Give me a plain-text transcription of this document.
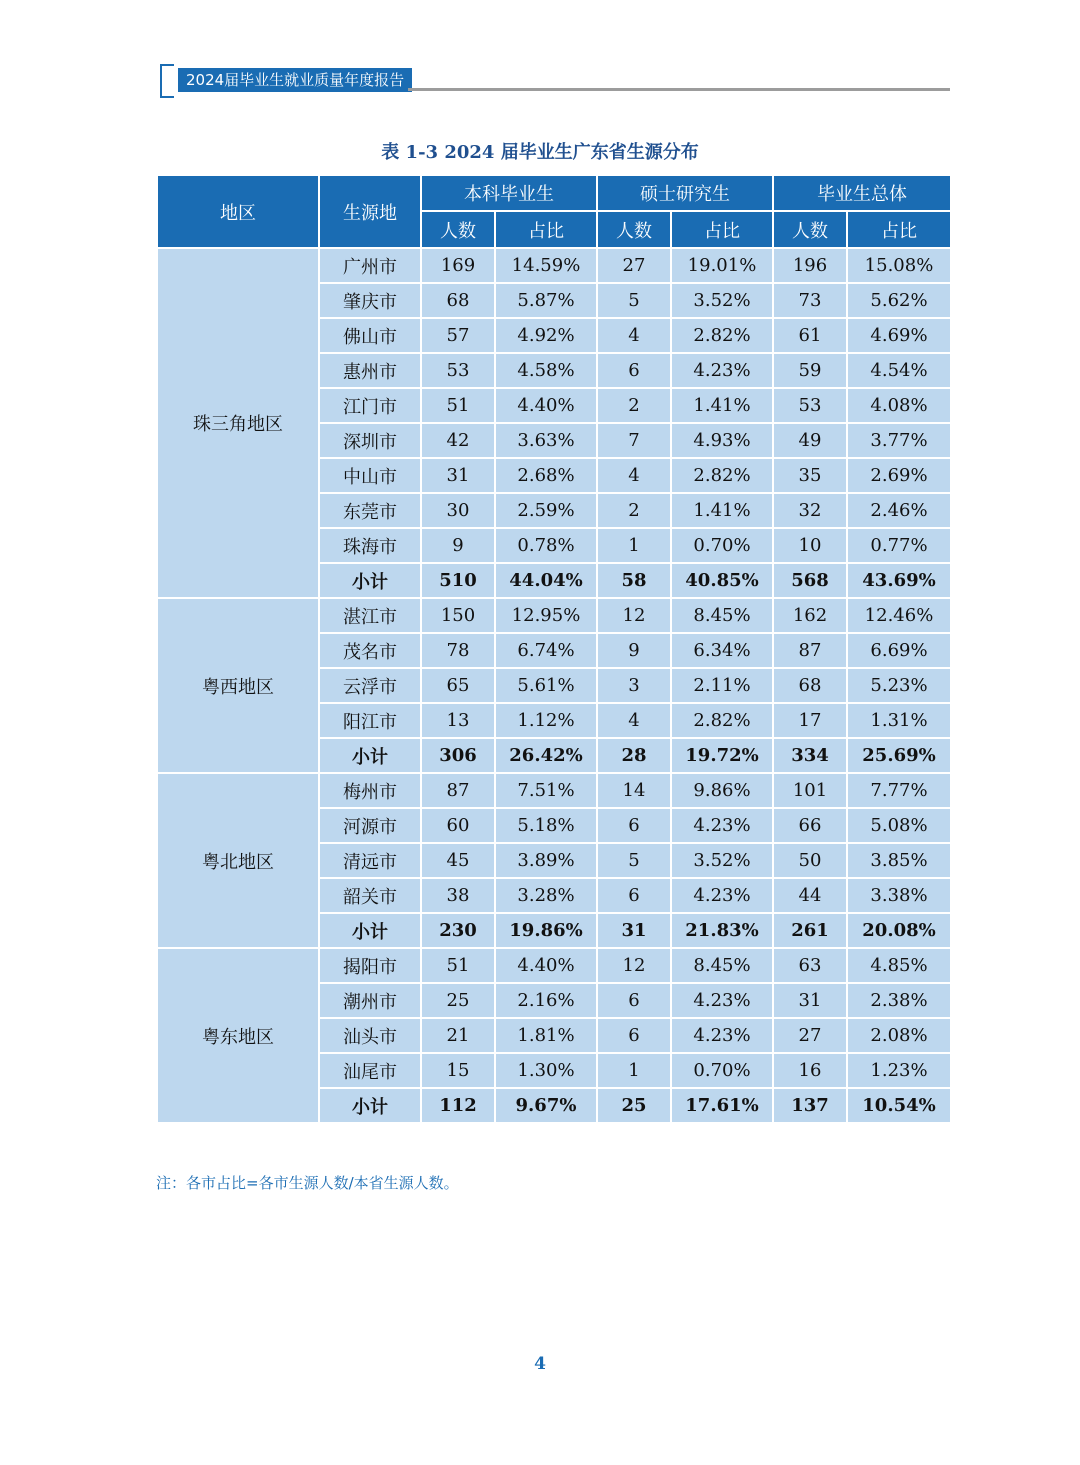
2024届毕业生就业质量年度报告
表 1-3 2024 届毕业生广东省生源分布
地区	生源地	本科毕业生		硕士研究生		毕业生总体	
		人数	占比	人数	占比	人数	占比
珠三角地区	广州市	169	14.59%	27	19.01%	196	15.08%
	肇庆市	68	5.87%	5	3.52%	73	5.62%
	佛山市	57	4.92%	4	2.82%	61	4.69%
	惠州市	53	4.58%	6	4.23%	59	4.54%
	江门市	51	4.40%	2	1.41%	53	4.08%
	深圳市	42	3.63%	7	4.93%	49	3.77%
	中山市	31	2.68%	4	2.82%	35	2.69%
	东莞市	30	2.59%	2	1.41%	32	2.46%
	珠海市	9	0.78%	1	0.70%	10	0.77%
	小计	510	44.04%	58	40.85%	568	43.69%
粤西地区	湛江市	150	12.95%	12	8.45%	162	12.46%
	茂名市	78	6.74%	9	6.34%	87	6.69%
	云浮市	65	5.61%	3	2.11%	68	5.23%
	阳江市	13	1.12%	4	2.82%	17	1.31%
	小计	306	26.42%	28	19.72%	334	25.69%
粤北地区	梅州市	87	7.51%	14	9.86%	101	7.77%
	河源市	60	5.18%	6	4.23%	66	5.08%
	清远市	45	3.89%	5	3.52%	50	3.85%
	韶关市	38	3.28%	6	4.23%	44	3.38%
	小计	230	19.86%	31	21.83%	261	20.08%
粤东地区	揭阳市	51	4.40%	12	8.45%	63	4.85%
	潮州市	25	2.16%	6	4.23%	31	2.38%
	汕头市	21	1.81%	6	4.23%	27	2.08%
	汕尾市	15	1.30%	1	0.70%	16	1.23%
	小计	112	9.67%	25	17.61%	137	10.54%
注：各市占比=各市生源人数/本省生源人数。
4
